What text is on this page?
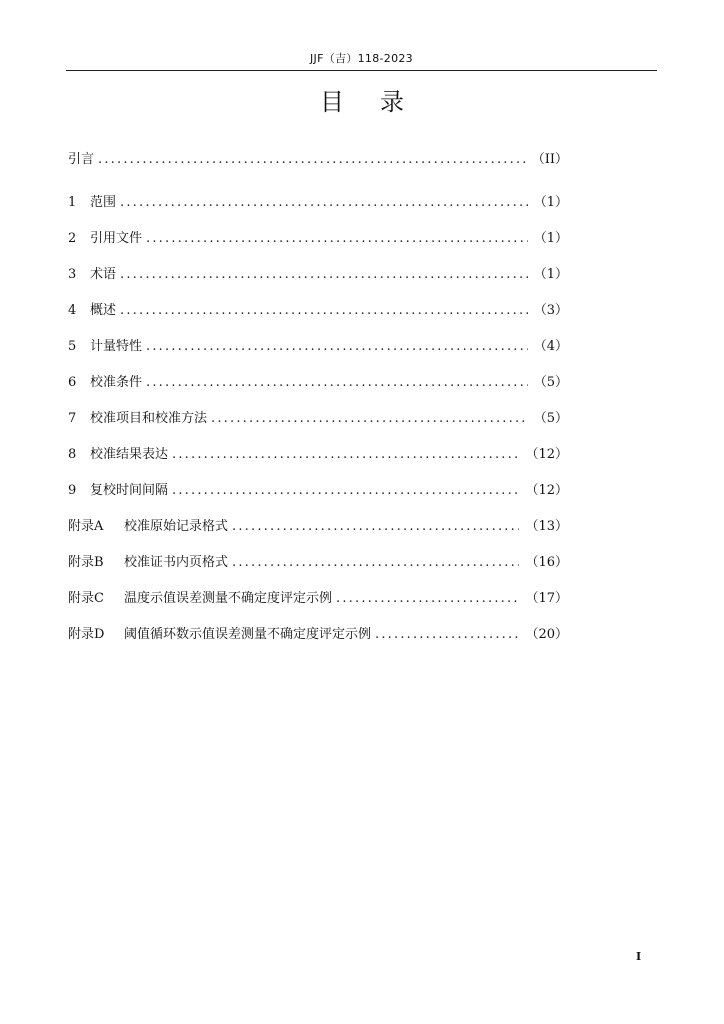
JJF（吉）118-2023
目录
引言 .....	（II）
1	范围 .....	（1）
2	引用文件 .....	（1）
3	术语 .....	（1）
4	概述 .....	（3）
5	计量特性 .....	（4）
6	校准条件 .....	（5）
7	校准项目和校准方法 .....	（5）
8	校准结果表达 .....	（12）
9	复校时间间隔 .....	（12）
附录A	校准原始记录格式 .....	（13）
附录B	校准证书内页格式 .....	（16）
附录C	温度示值误差测量不确定度评定示例 .....	（17）
附录D	阈值循环数示值误差测量不确定度评定示例 .....	（20）
I
